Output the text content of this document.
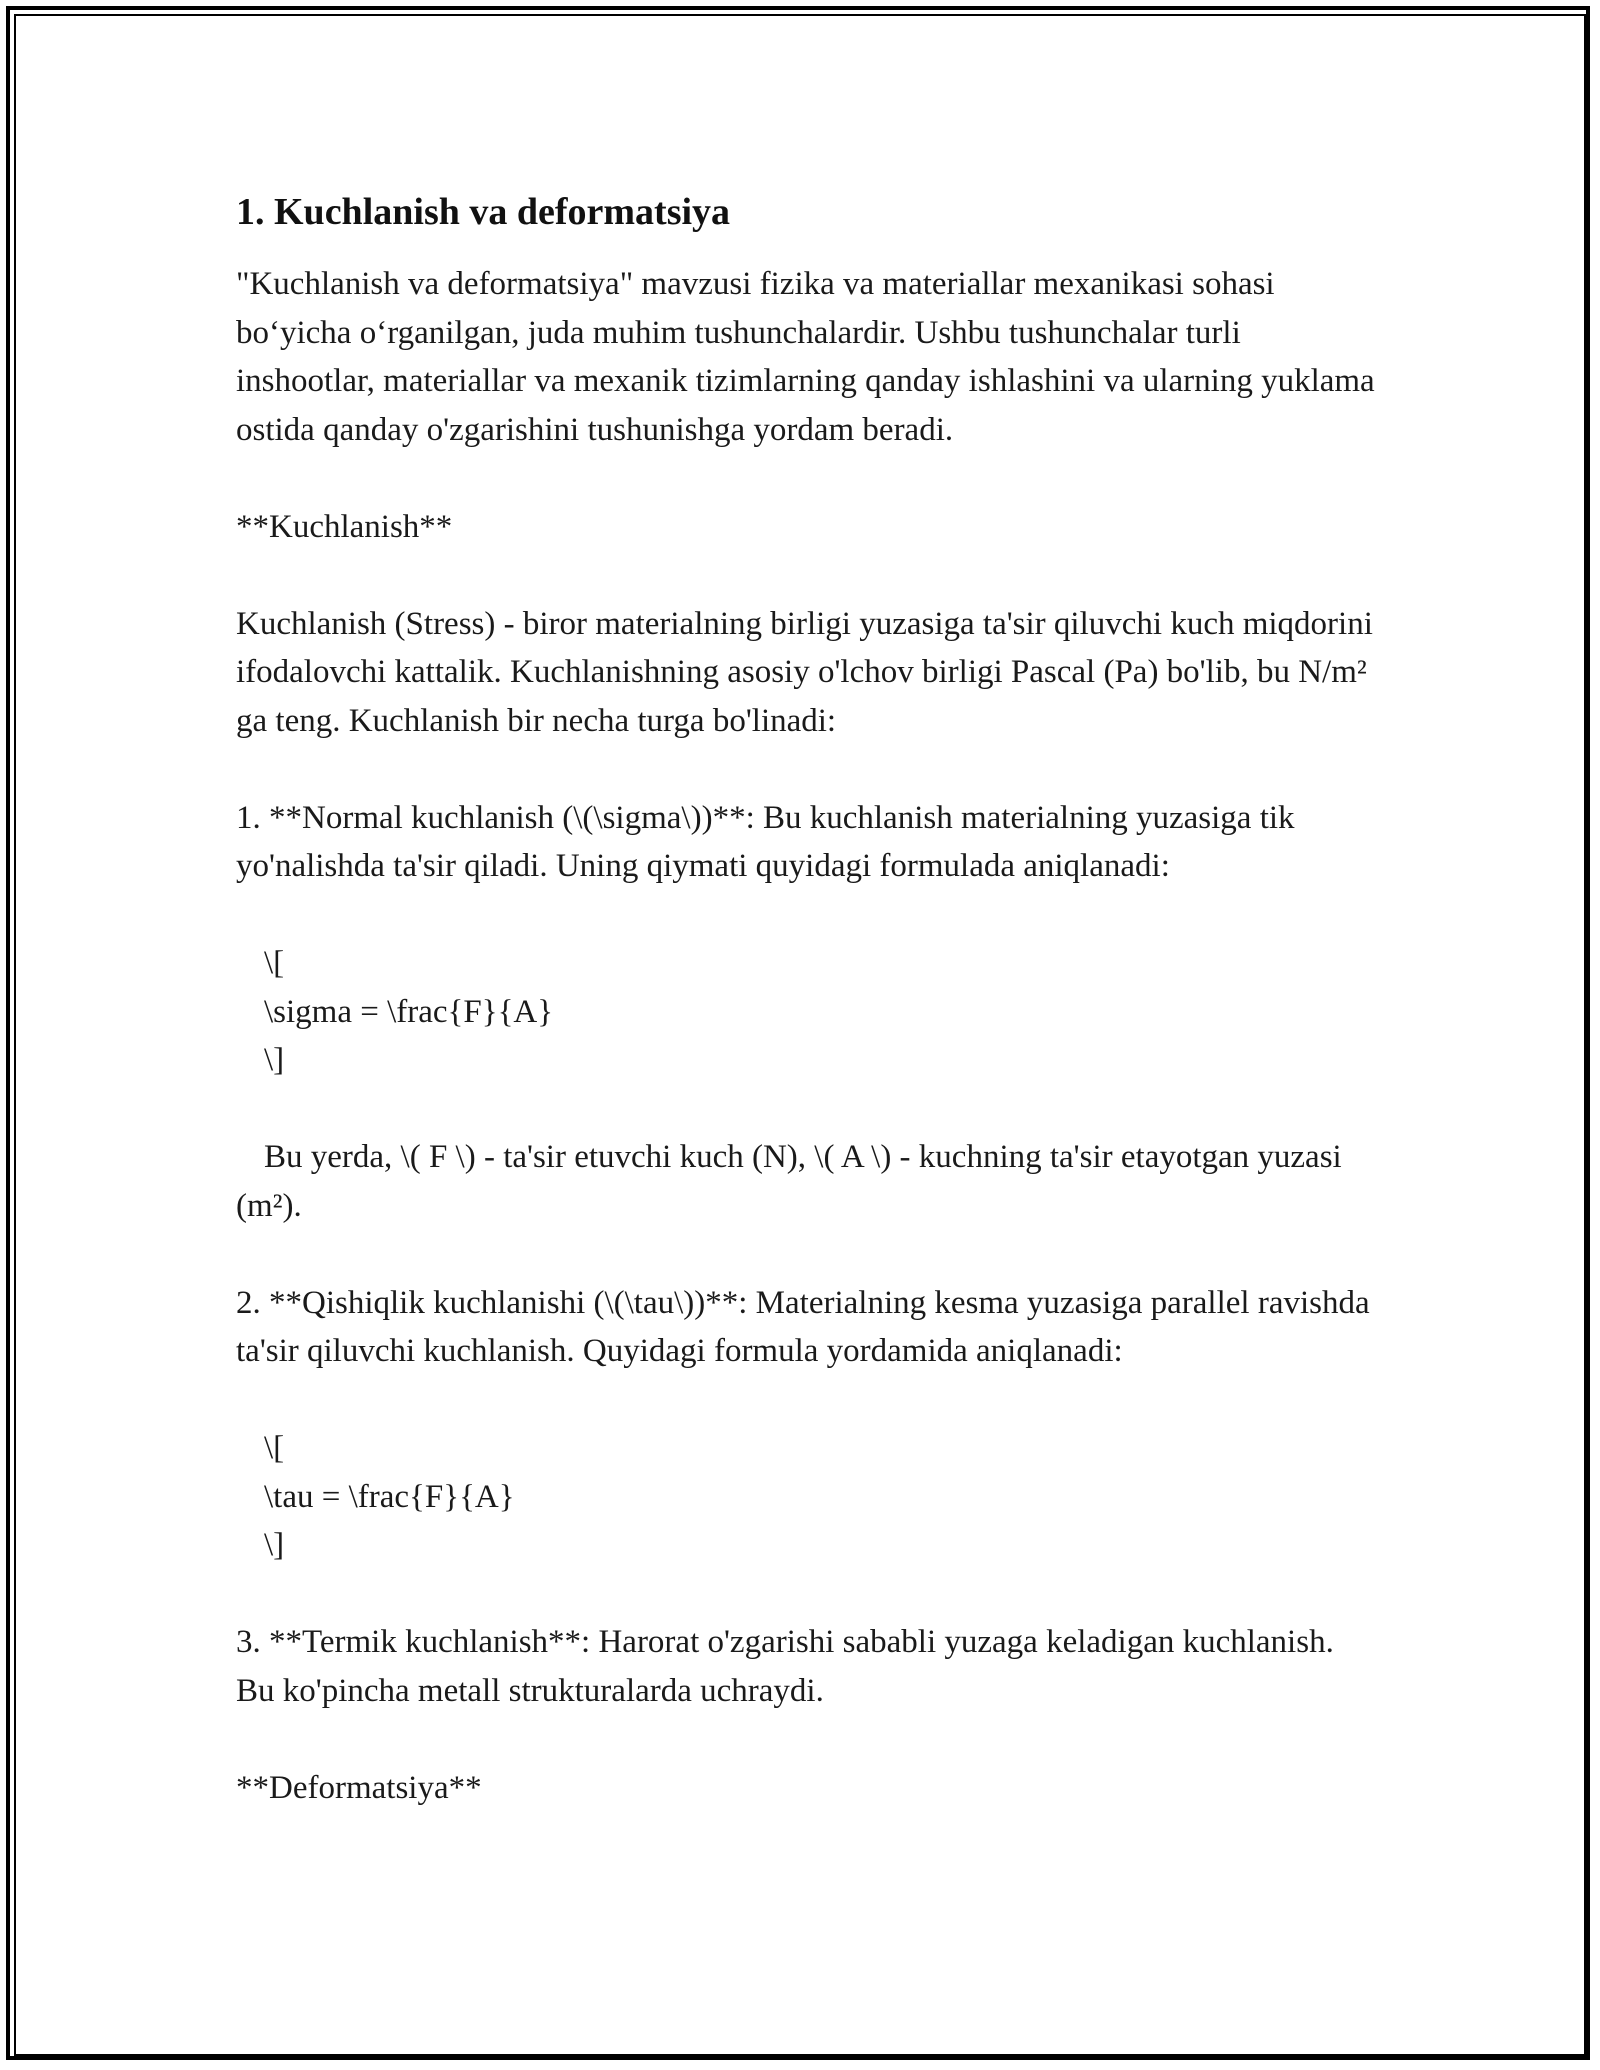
1. Kuchlanish va deformatsiya

"Kuchlanish va deformatsiya" mavzusi fizika va materiallar mexanikasi sohasi bo‘yicha o‘rganilgan, juda muhim tushunchalardir. Ushbu tushunchalar turli inshootlar, materiallar va mexanik tizimlarning qanday ishlashini va ularning yuklama ostida qanday o'zgarishini tushunishga yordam beradi.

**Kuchlanish**

Kuchlanish (Stress) - biror materialning birligi yuzasiga ta'sir qiluvchi kuch miqdorini ifodalovchi kattalik. Kuchlanishning asosiy o'lchov birligi Pascal (Pa) bo'lib, bu N/m² ga teng. Kuchlanish bir necha turga bo'linadi:

1. **Normal kuchlanish (\(\sigma\))**: Bu kuchlanish materialning yuzasiga tik yo'nalishda ta'sir qiladi. Uning qiymati quyidagi formulada aniqlanadi:

\[

\sigma = \frac{F}{A}

\]

Bu yerda, \( F \) - ta'sir etuvchi kuch (N), \( A \) - kuchning ta'sir etayotgan yuzasi (m²).

2. **Qishiqlik kuchlanishi (\(\tau\))**: Materialning kesma yuzasiga parallel ravishda ta'sir qiluvchi kuchlanish. Quyidagi formula yordamida aniqlanadi:

\[

\tau = \frac{F}{A}

\]

3. **Termik kuchlanish**: Harorat o'zgarishi sababli yuzaga keladigan kuchlanish. Bu ko'pincha metall strukturalarda uchraydi.

**Deformatsiya**
